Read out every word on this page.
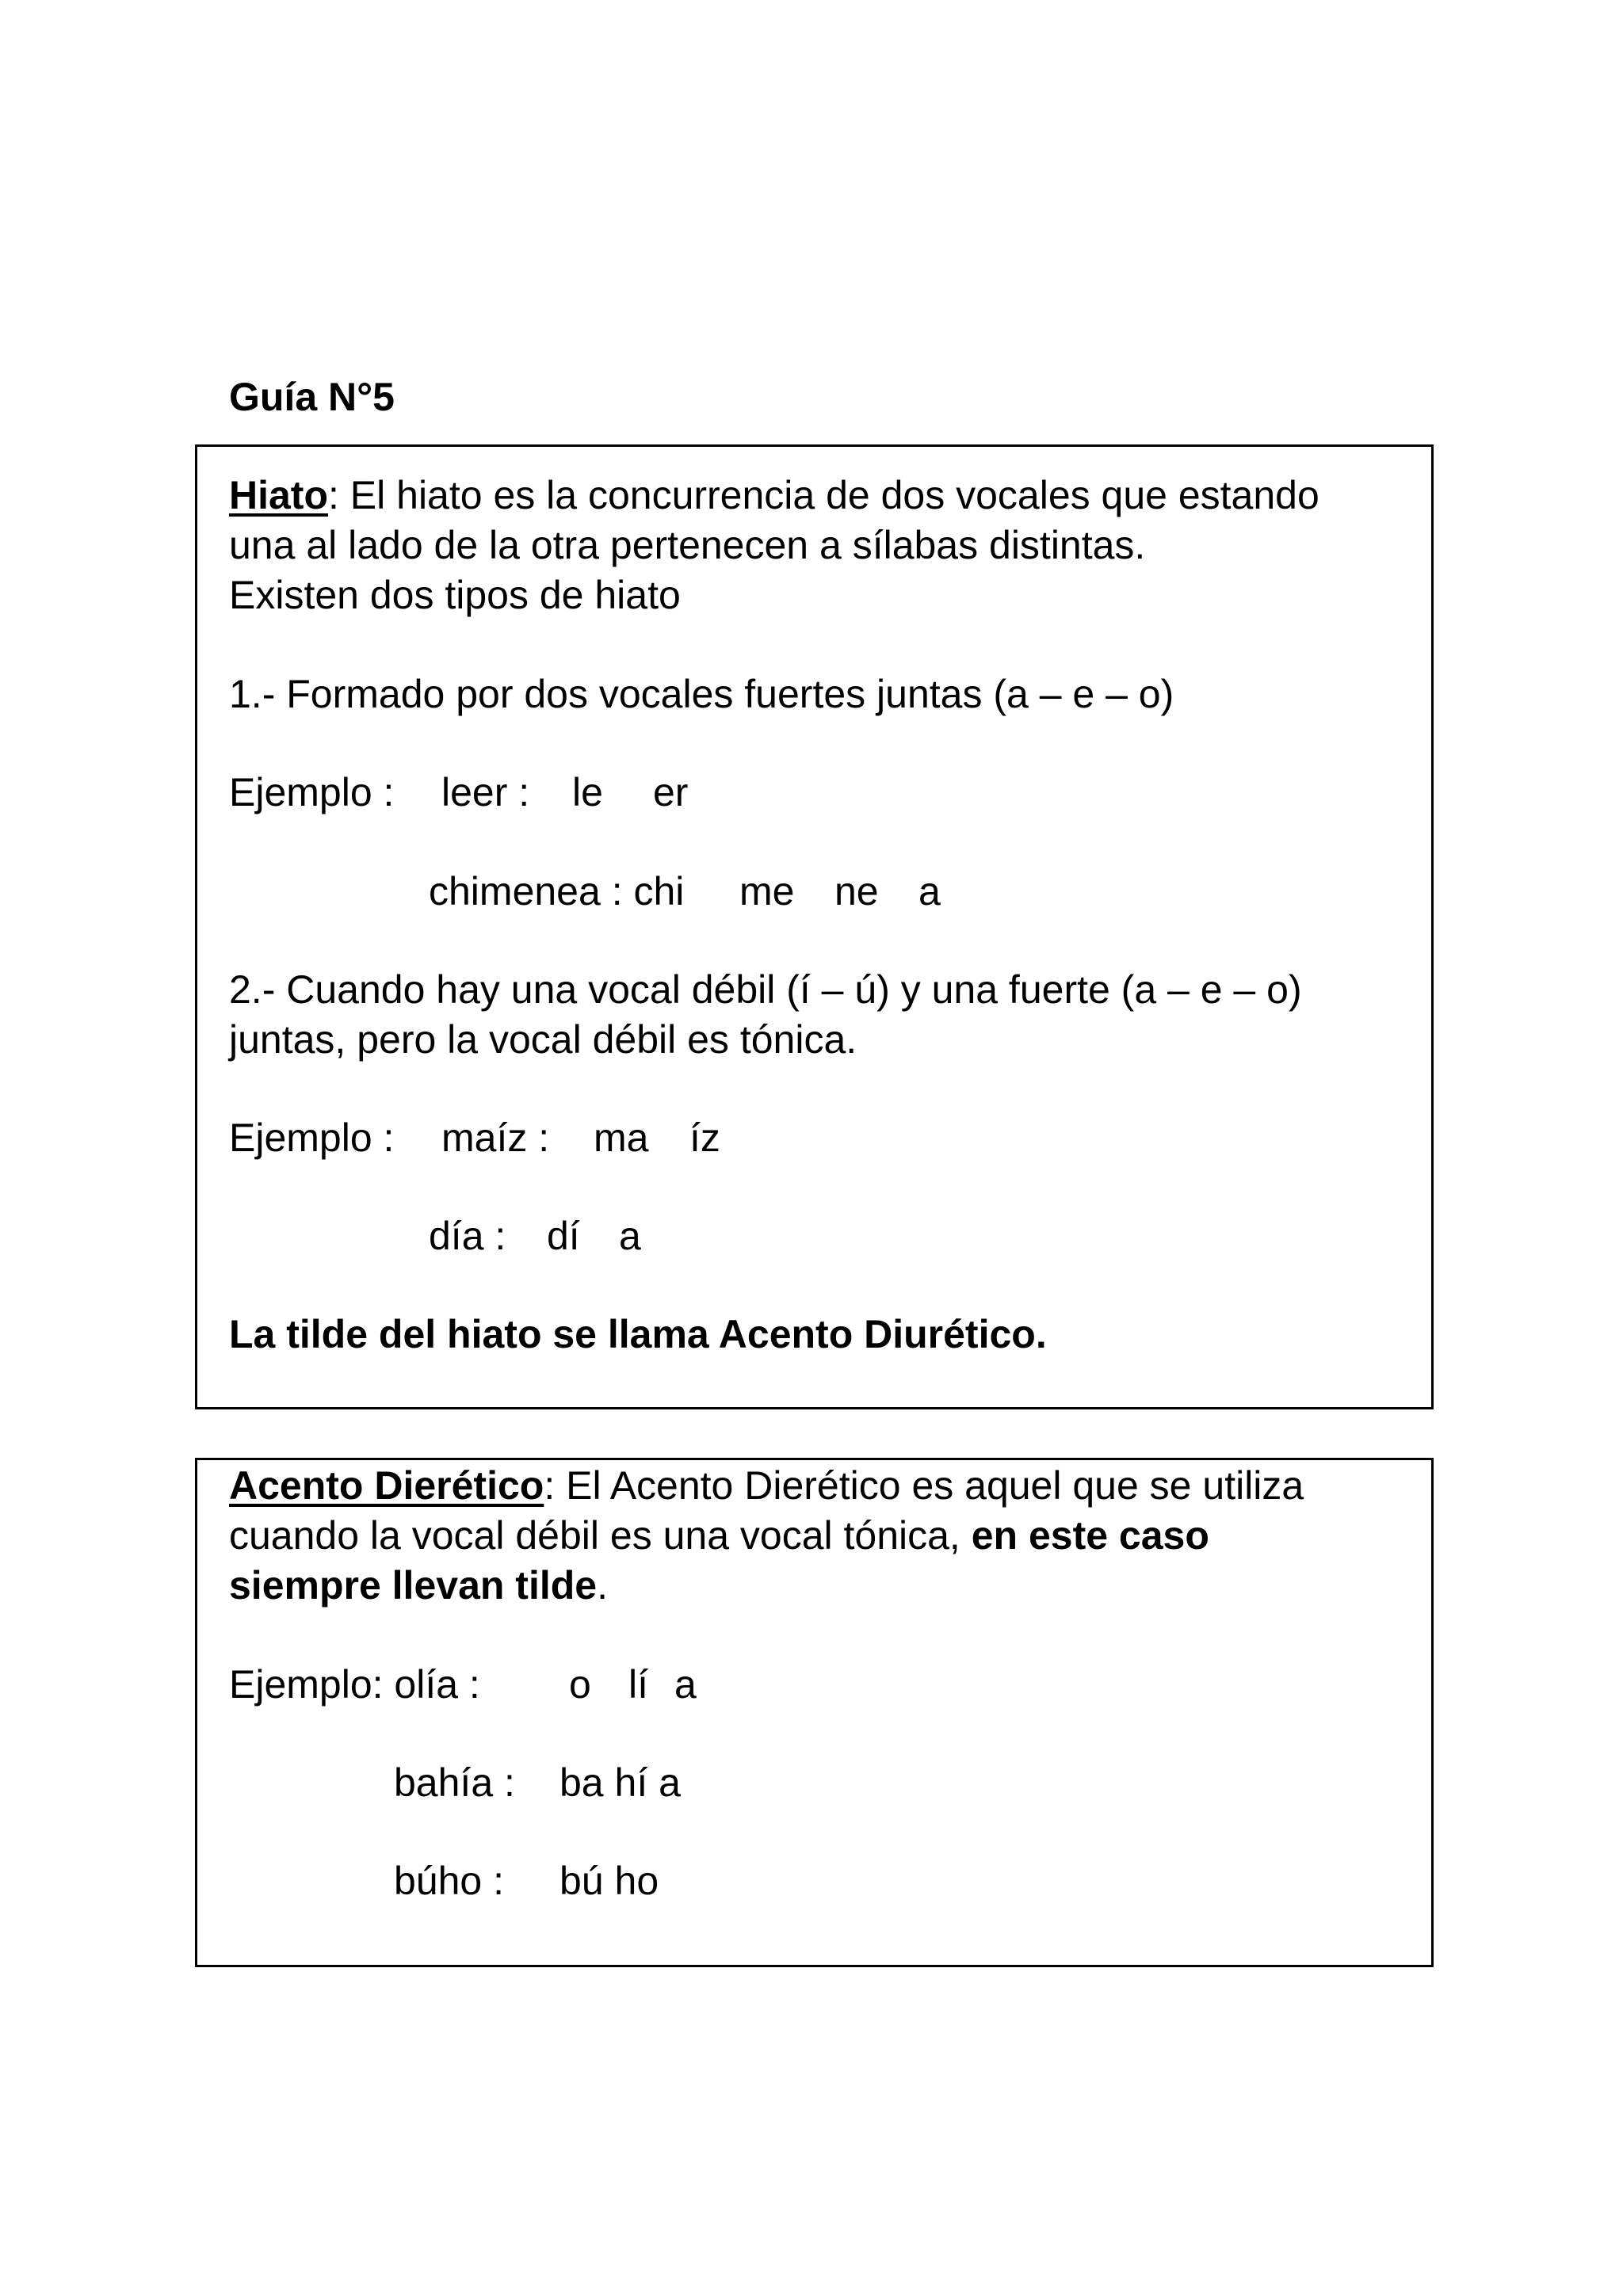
Guía N°5
Hiato: El hiato es la concurrencia de dos vocales que estando
una al lado de la otra pertenecen a sílabas distintas.
Existen dos tipos de hiato
1.- Formado por dos vocales fuertes juntas (a – e – o)
Ejemplo : leer : le er
chimenea : chi me ne a
2.- Cuando hay una vocal débil (í – ú) y una fuerte (a – e – o)
juntas, pero la vocal débil es tónica.
Ejemplo : maíz : ma íz
día : dí a
La tilde del hiato se llama Acento Diurético.
Acento Dierético: El Acento Dierético es aquel que se utiliza
cuando la vocal débil es una vocal tónica, en este caso
siempre llevan tilde.
Ejemplo: olía : o lí a
bahía : ba hí a
búho : bú ho
